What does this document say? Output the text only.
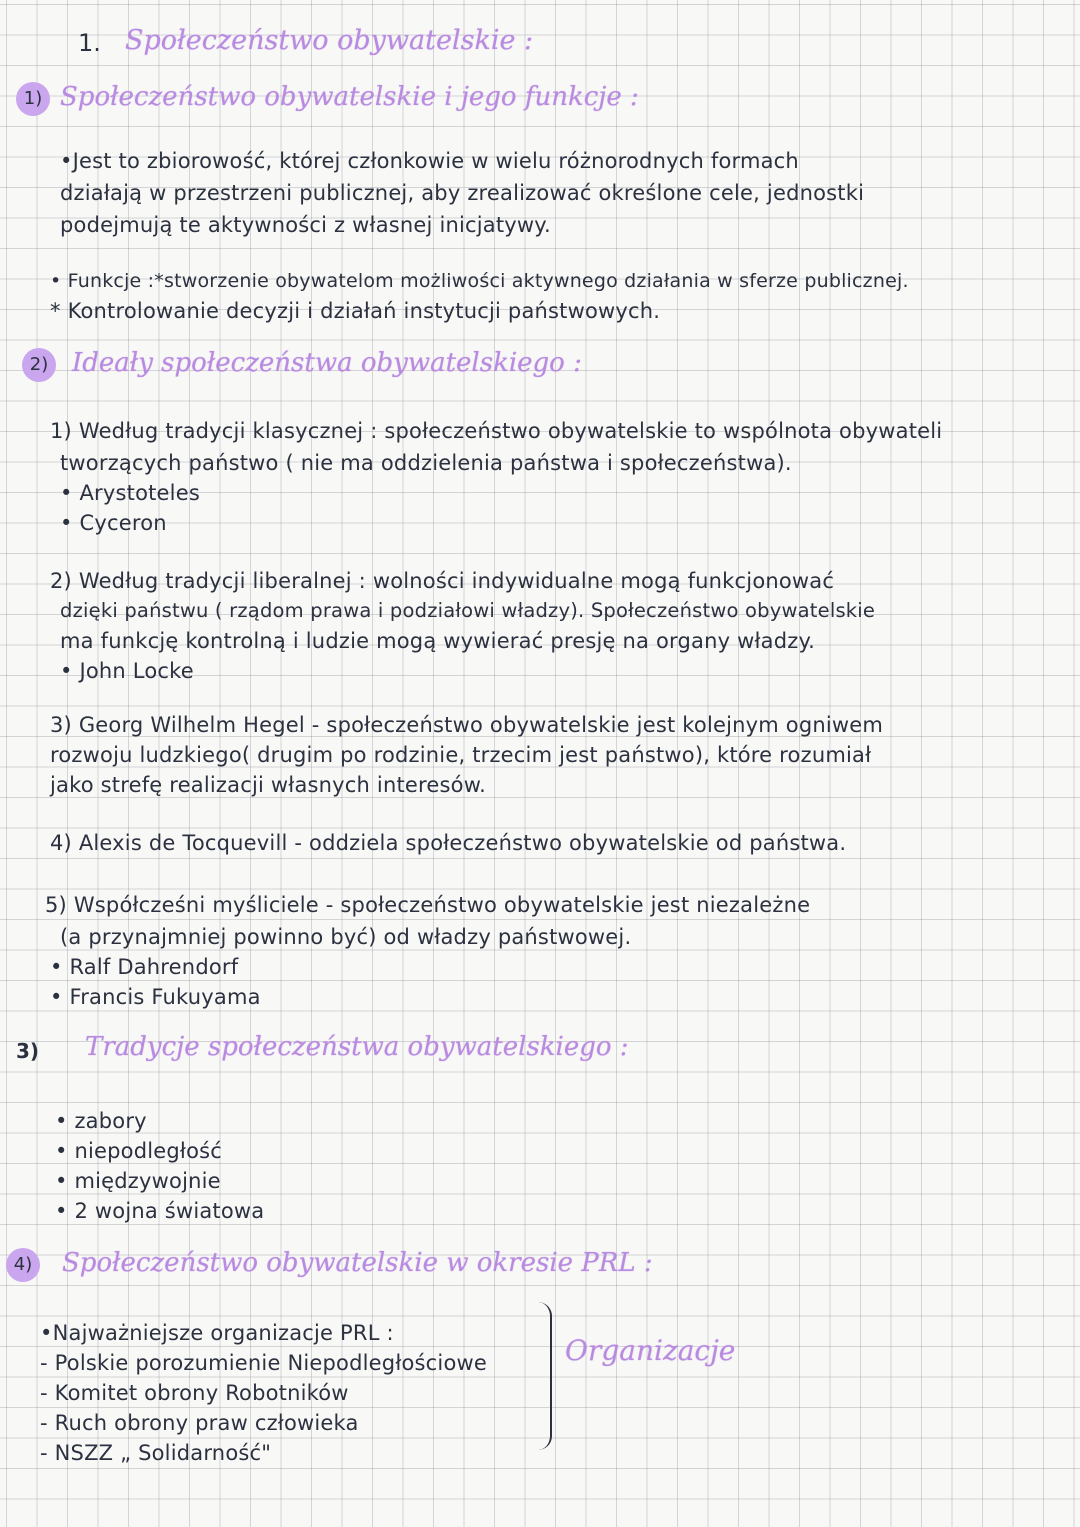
1. Społeczeństwo obywatelskie :
1) Społeczeństwo obywatelskie i jego funkcje :
•Jest to zbiorowość, której członkowie w wielu różnorodnych formach
działają w przestrzeni publicznej, aby zrealizować określone cele, jednostki
podejmują te aktywności z własnej inicjatywy.
• Funkcje :*stworzenie obywatelom możliwości aktywnego działania w sferze publicznej.
* Kontrolowanie decyzji i działań instytucji państwowych.
2) Ideały społeczeństwa obywatelskiego :
1) Według tradycji klasycznej : społeczeństwo obywatelskie to wspólnota obywateli
tworzących państwo ( nie ma oddzielenia państwa i społeczeństwa).
• Arystoteles
• Cyceron
2) Według tradycji liberalnej : wolności indywidualne mogą funkcjonować
dzięki państwu ( rządom prawa i podziałowi władzy). Społeczeństwo obywatelskie
ma funkcję kontrolną i ludzie mogą wywierać presję na organy władzy.
• John Locke
3) Georg Wilhelm Hegel - społeczeństwo obywatelskie jest kolejnym ogniwem
rozwoju ludzkiego( drugim po rodzinie, trzecim jest państwo), które rozumiał
jako strefę realizacji własnych interesów.
4) Alexis de Tocquevill - oddziela społeczeństwo obywatelskie od państwa.
5) Współcześni myśliciele - społeczeństwo obywatelskie jest niezależne
(a przynajmniej powinno być) od władzy państwowej.
• Ralf Dahrendorf
• Francis Fukuyama
3) Tradycje społeczeństwa obywatelskiego :
• zabory
• niepodległość
• międzywojnie
• 2 wojna światowa
4) Społeczeństwo obywatelskie w okresie PRL :
•Najważniejsze organizacje PRL :
- Polskie porozumienie Niepodległościowe
- Komitet obrony Robotników
- Ruch obrony praw człowieka
- NSZZ „ Solidarność"
Organizacje
